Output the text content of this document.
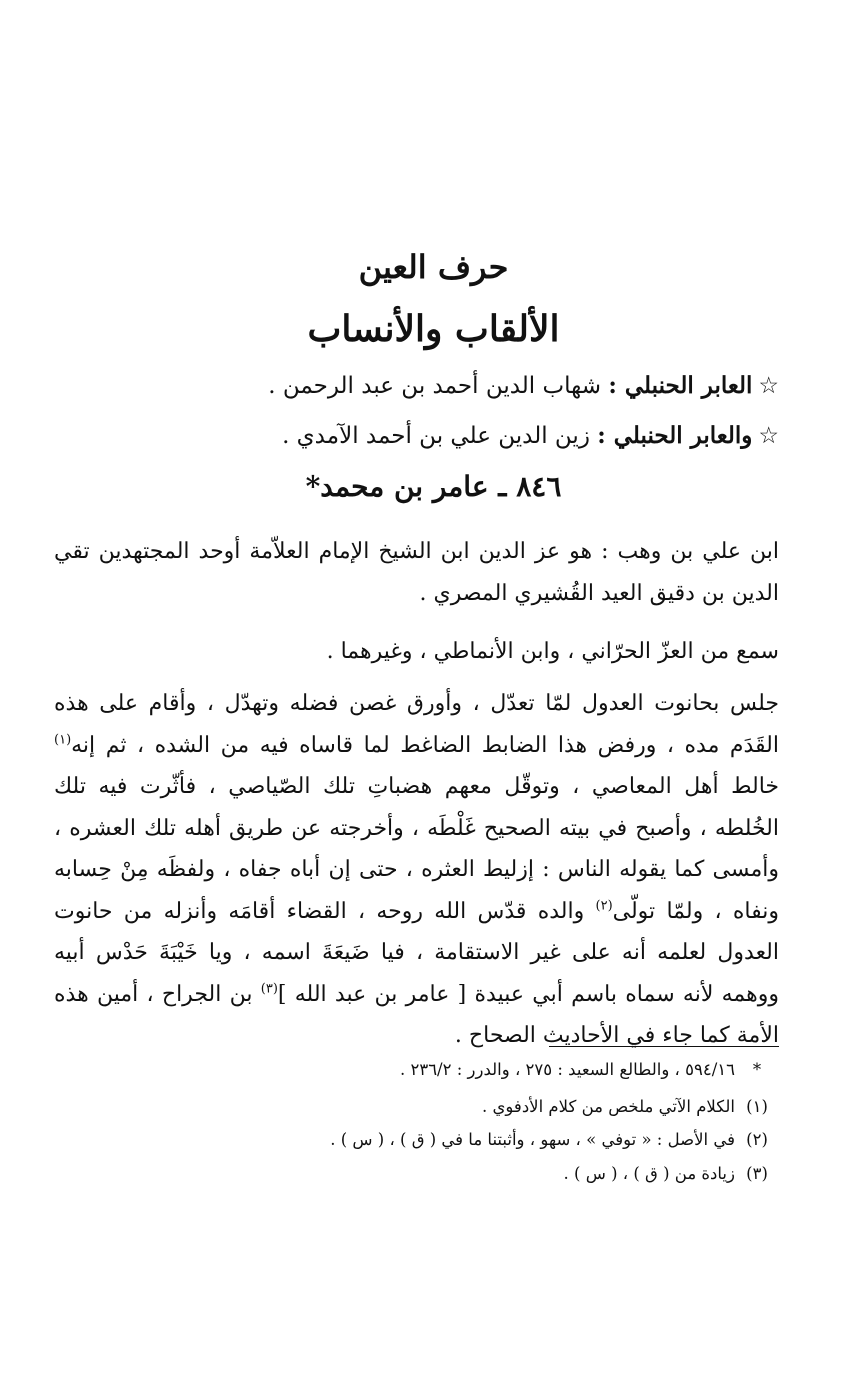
حرف العين
الألقاب والأنساب
☆العابر الحنبلي : شهاب الدين أحمد بن عبد الرحمن .
☆والعابر الحنبلي : زين الدين علي بن أحمد الآمدي .
٨٤٦ ـ عامر بن محمد*

ابن علي بن وهب : هو عز الدين ابن الشيخ الإمام العلاّمة أوحد المجتهدين تقي الدين بن دقيق العيد القُشيري المصري .

سمع من العزّ الحرّاني ، وابن الأنماطي ، وغيرهما .

جلس بحانوت العدول لمّا تعدّل ، وأورق غصن فضله وتهدّل ، وأقام على هذه القَدَم مده ، ورفض هذا الضابط الضاغط لما قاساه فيه من الشده ، ثم إنه$^{(١)}$ خالط أهل المعاصي ، وتوقّل معهم هضباتِ تلك الصّياصي ، فأثّرت فيه تلك الخُلطه ، وأصبح في بيته الصحيح غَلْطَه ، وأخرجته عن طريق أهله تلك العشره ، وأمسى كما يقوله الناس : إزليط العثره ، حتى إن أباه جفاه ، ولفظَه مِنْ حِسابه ونفاه ، ولمّا تولّى$^{(٢)}$ والده قدّس الله روحه ، القضاء أقامَه وأنزله من حانوت العدول لعلمه أنه على غير الاستقامة ، فيا ضَيعَةَ اسمه ، ويا خَيْبَةَ حَدْس أبيه ووهمه لأنه سماه باسم أبي عبيدة [ عامر بن عبد الله ]$^{(٣)}$ بن الجراح ، أمين هذه الأمة كما جاء في الأحاديث الصحاح .

*٥٩٤/١٦ ، والطالع السعيد : ٢٧٥ ، والدرر : ٢٣٦/٢ .
(١)الكلام الآتي ملخص من كلام الأدفوي .
(٢)في الأصل : « توفي » ، سهو ، وأثبتنا ما في ( ق ) ، ( س ) .
(٣)زيادة من ( ق ) ، ( س ) .
